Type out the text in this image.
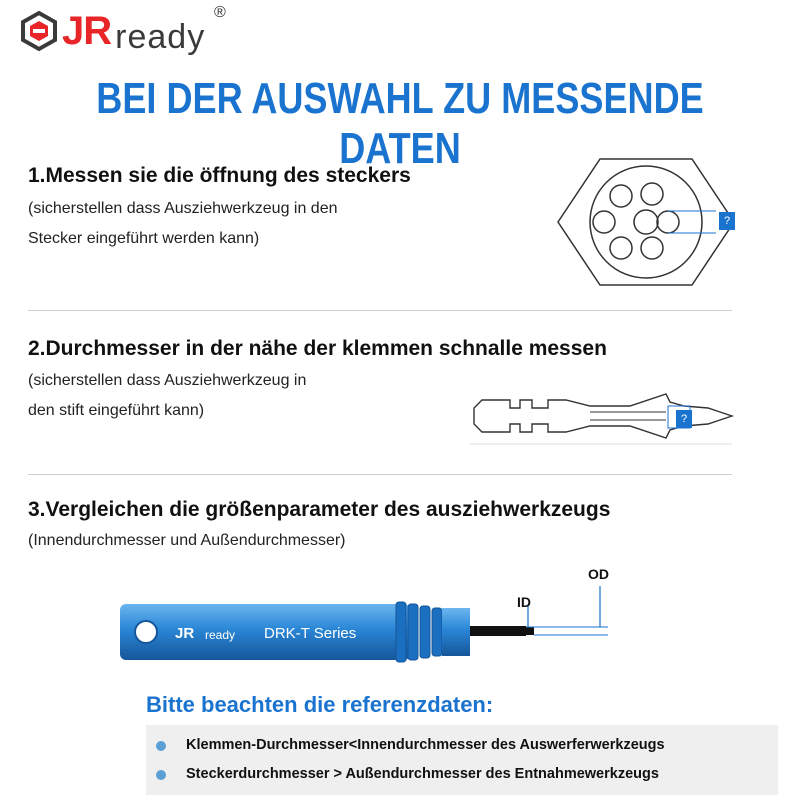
JR ready
®
BEI DER AUSWAHL ZU MESSENDE DATEN
1.Messen sie die öffnung des steckers
(sicherstellen dass Ausziehwerkzeug in den
Stecker eingeführt werden kann)
?
2.Durchmesser in der nähe der klemmen schnalle messen
(sicherstellen dass Ausziehwerkzeug in
den stift eingeführt kann)	?
3.Vergleichen die größenparameter des ausziehwerkzeugs
(Innendurchmesser und Außendurchmesser)
JR ready DRK-T Series
OD
ID
Bitte beachten die referenzdaten:
Klemmen-Durchmesser<Innendurchmesser des Auswerferwerkzeugs
Steckerdurchmesser > Außendurchmesser des Entnahmewerkzeugs
